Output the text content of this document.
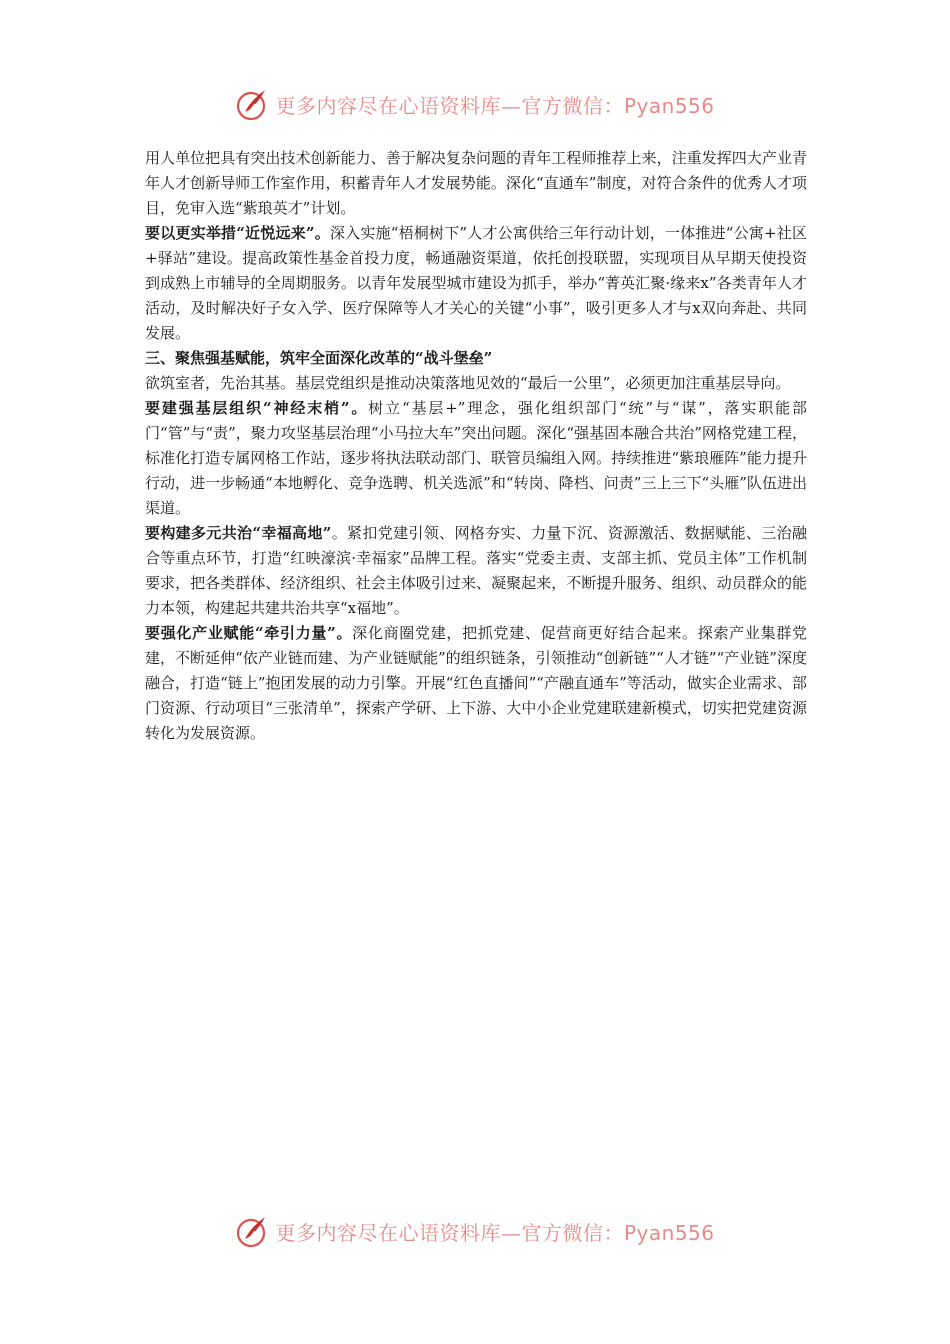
更多内容尽在心语资料库—官方微信：Pyan556

用人单位把具有突出技术创新能力、善于解决复杂问题的青年工程师推荐上来，注重发挥四大产业青年人才创新导师工作室作用，积蓄青年人才发展势能。深化“直通车”制度，对符合条件的优秀人才项目，免审入选“紫琅英才”计划。

要以更实举措“近悦远来”。深入实施“梧桐树下”人才公寓供给三年行动计划，一体推进“公寓+社区+驿站”建设。提高政策性基金首投力度，畅通融资渠道，依托创投联盟，实现项目从早期天使投资到成熟上市辅导的全周期服务。以青年发展型城市建设为抓手，举办“菁英汇聚·缘来x”各类青年人才活动，及时解决好子女入学、医疗保障等人才关心的关键“小事”，吸引更多人才与x双向奔赴、共同发展。

三、聚焦强基赋能，筑牢全面深化改革的“战斗堡垒”

欲筑室者，先治其基。基层党组织是推动决策落地见效的“最后一公里”，必须更加注重基层导向。

要建强基层组织“神经末梢”。树立“基层+”理念，强化组织部门“统”与“谋”，落实职能部门“管”与“责”，聚力攻坚基层治理“小马拉大车”突出问题。深化“强基固本融合共治”网格党建工程，标准化打造专属网格工作站，逐步将执法联动部门、联管员编组入网。持续推进“紫琅雁阵”能力提升行动，进一步畅通“本地孵化、竞争选聘、机关选派”和“转岗、降档、问责”三上三下“头雁”队伍进出渠道。

要构建多元共治“幸福高地”。紧扣党建引领、网格夯实、力量下沉、资源激活、数据赋能、三治融合等重点环节，打造“红映濠滨·幸福家”品牌工程。落实“党委主责、支部主抓、党员主体”工作机制要求，把各类群体、经济组织、社会主体吸引过来、凝聚起来，不断提升服务、组织、动员群众的能力本领，构建起共建共治共享“x福地”。

要强化产业赋能“牵引力量”。深化商圈党建，把抓党建、促营商更好结合起来。探索产业集群党建，不断延伸“依产业链而建、为产业链赋能”的组织链条，引领推动“创新链”“人才链”“产业链”深度融合，打造“链上”抱团发展的动力引擎。开展“红色直播间”“产融直通车”等活动，做实企业需求、部门资源、行动项目“三张清单”，探索产学研、上下游、大中小企业党建联建新模式，切实把党建资源转化为发展资源。

更多内容尽在心语资料库—官方微信：Pyan556
